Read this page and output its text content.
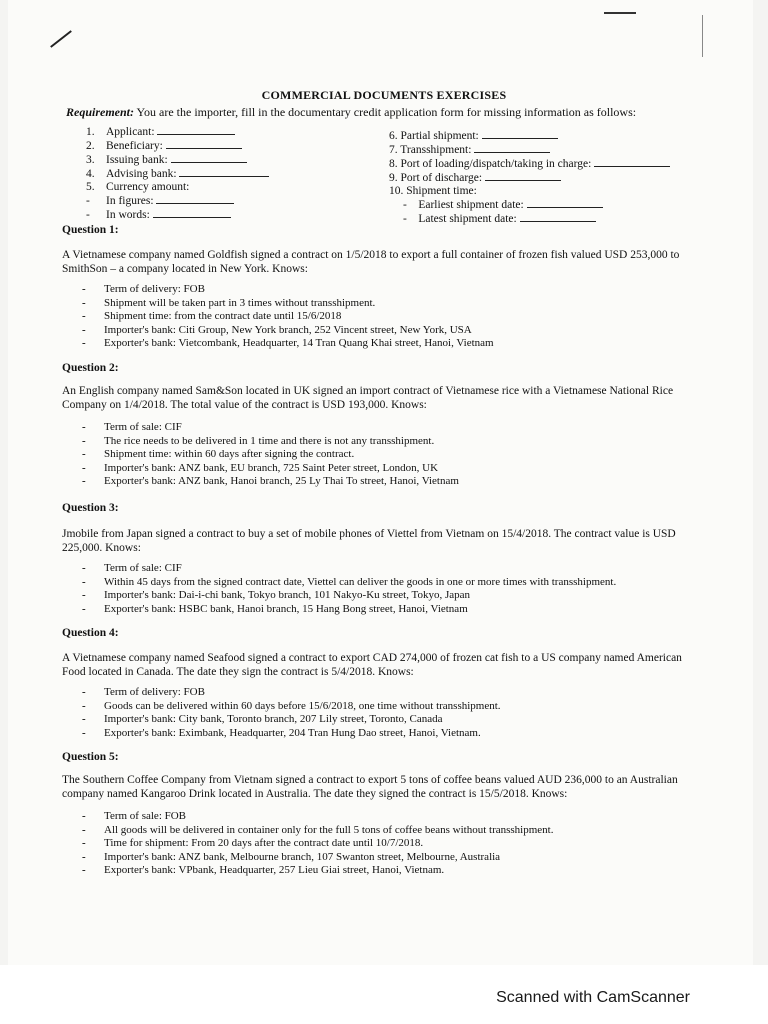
COMMERCIAL DOCUMENTS EXERCISES
Requirement: You are the importer, fill in the documentary credit application form for missing information as follows:
1. Applicant:
2. Beneficiary:
3. Issuing bank:
4. Advising bank:
5. Currency amount:
- In figures:
- In words:
6. Partial shipment:
7. Transshipment:
8. Port of loading/dispatch/taking in charge:
9. Port of discharge:
10. Shipment time:
- Earliest shipment date:
- Latest shipment date:
Question 1:
A Vietnamese company named Goldfish signed a contract on 1/5/2018 to export a full container of frozen fish valued USD 253,000 to SmithSon – a company located in New York. Knows:
- Term of delivery: FOB
- Shipment will be taken part in 3 times without transshipment.
- Shipment time: from the contract date until 15/6/2018
- Importer's bank: Citi Group, New York branch, 252 Vincent street, New York, USA
- Exporter's bank: Vietcombank, Headquarter, 14 Tran Quang Khai street, Hanoi, Vietnam
Question 2:
An English company named Sam&Son located in UK signed an import contract of Vietnamese rice with a Vietnamese National Rice Company on 1/4/2018. The total value of the contract is USD 193,000. Knows:
- Term of sale: CIF
- The rice needs to be delivered in 1 time and there is not any transshipment.
- Shipment time: within 60 days after signing the contract.
- Importer's bank: ANZ bank, EU branch, 725 Saint Peter street, London, UK
- Exporter's bank: ANZ bank, Hanoi branch, 25 Ly Thai To street, Hanoi, Vietnam
Question 3:
Jmobile from Japan signed a contract to buy a set of mobile phones of Viettel from Vietnam on 15/4/2018. The contract value is USD 225,000. Knows:
- Term of sale: CIF
- Within 45 days from the signed contract date, Viettel can deliver the goods in one or more times with transshipment.
- Importer's bank: Dai-i-chi bank, Tokyo branch, 101 Nakyo-Ku street, Tokyo, Japan
- Exporter's bank: HSBC bank, Hanoi branch, 15 Hang Bong street, Hanoi, Vietnam
Question 4:
A Vietnamese company named Seafood signed a contract to export CAD 274,000 of frozen cat fish to a US company named American Food located in Canada. The date they sign the contract is 5/4/2018. Knows:
- Term of delivery: FOB
- Goods can be delivered within 60 days before 15/6/2018, one time without transshipment.
- Importer's bank: City bank, Toronto branch, 207 Lily street, Toronto, Canada
- Exporter's bank: Eximbank, Headquarter, 204 Tran Hung Dao street, Hanoi, Vietnam.
Question 5:
The Southern Coffee Company from Vietnam signed a contract to export 5 tons of coffee beans valued AUD 236,000 to an Australian company named Kangaroo Drink located in Australia. The date they signed the contract is 15/5/2018. Knows:
- Term of sale: FOB
- All goods will be delivered in container only for the full 5 tons of coffee beans without transshipment.
- Time for shipment: From 20 days after the contract date until 10/7/2018.
- Importer's bank: ANZ bank, Melbourne branch, 107 Swanton street, Melbourne, Australia
- Exporter's bank: VPbank, Headquarter, 257 Lieu Giai street, Hanoi, Vietnam.
Scanned with CamScanner
